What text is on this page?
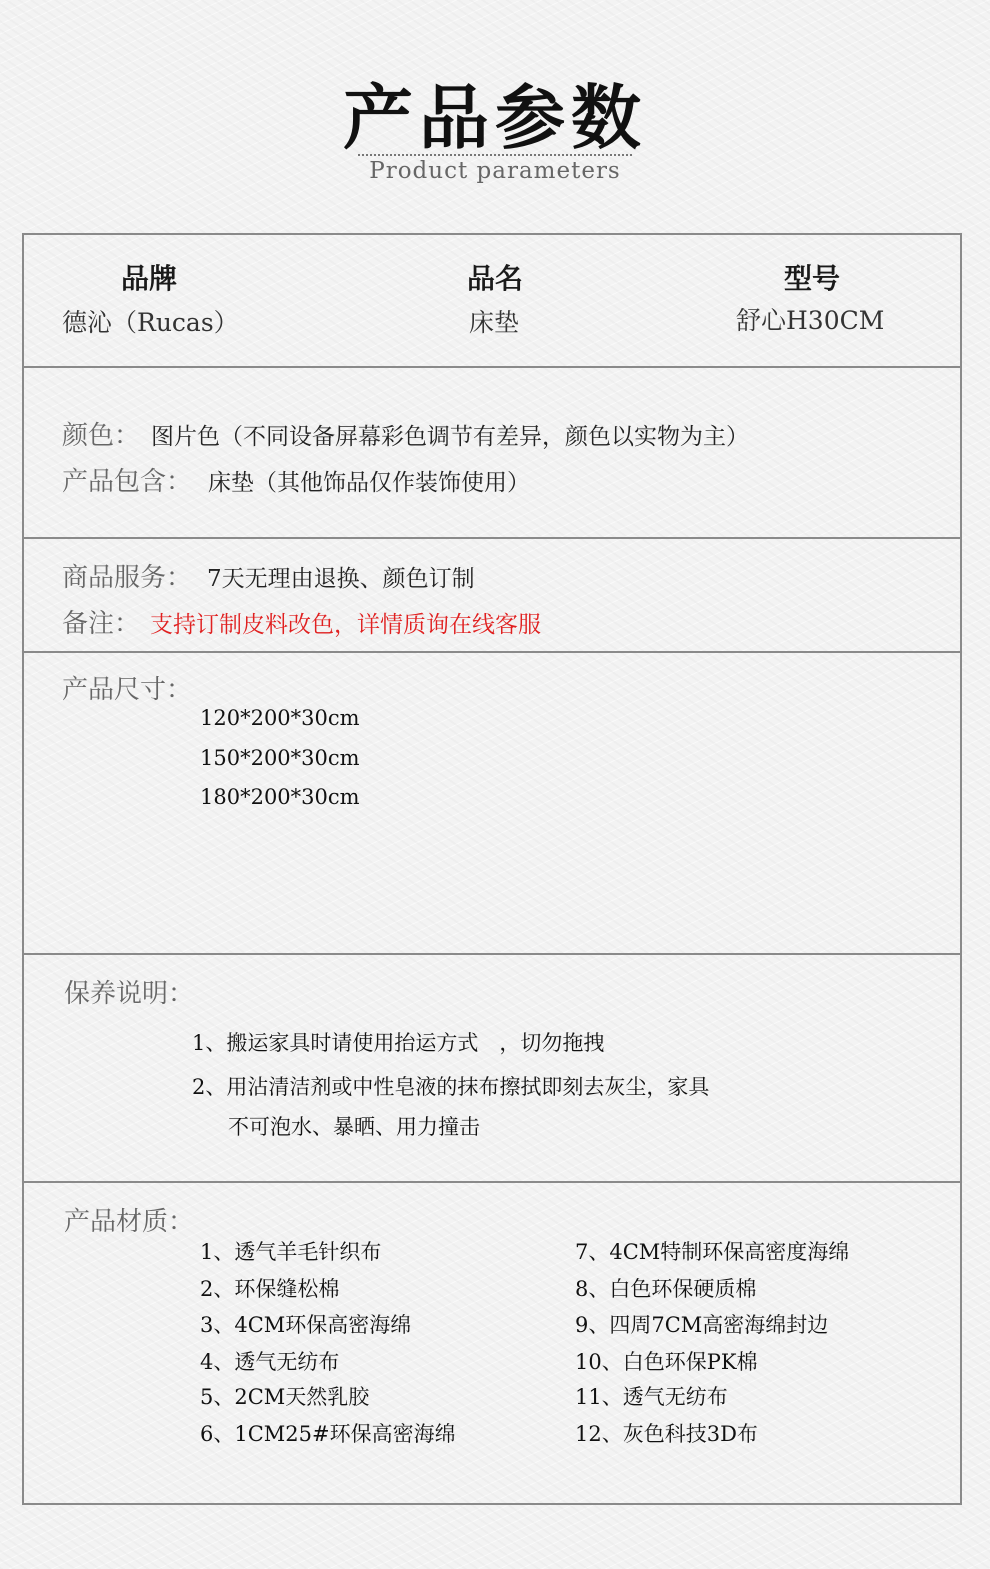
产品参数
Product parameters
品牌
德沁（Rucas）
品名
床垫
型号
舒心H30CM
颜色： 图片色（不同设备屏幕彩色调节有差异，颜色以实物为主）
产品包含： 床垫（其他饰品仅作装饰使用）
商品服务： 7天无理由退换、颜色订制
备注： 支持订制皮料改色，详情质询在线客服
产品尺寸：
120*200*30cm
150*200*30cm
180*200*30cm
保养说明：
1、搬运家具时请使用抬运方式　，切勿拖拽
2、用沾清洁剂或中性皂液的抹布擦拭即刻去灰尘，家具
不可泡水、暴晒、用力撞击
产品材质：
1、透气羊毛针织布
2、环保缝松棉
3、4CM环保高密海绵
4、透气无纺布
5、2CM天然乳胶
6、1CM25#环保高密海绵
7、4CM特制环保高密度海绵
8、白色环保硬质棉
9、四周7CM高密海绵封边
10、白色环保PK棉
11、透气无纺布
12、灰色科技3D布
